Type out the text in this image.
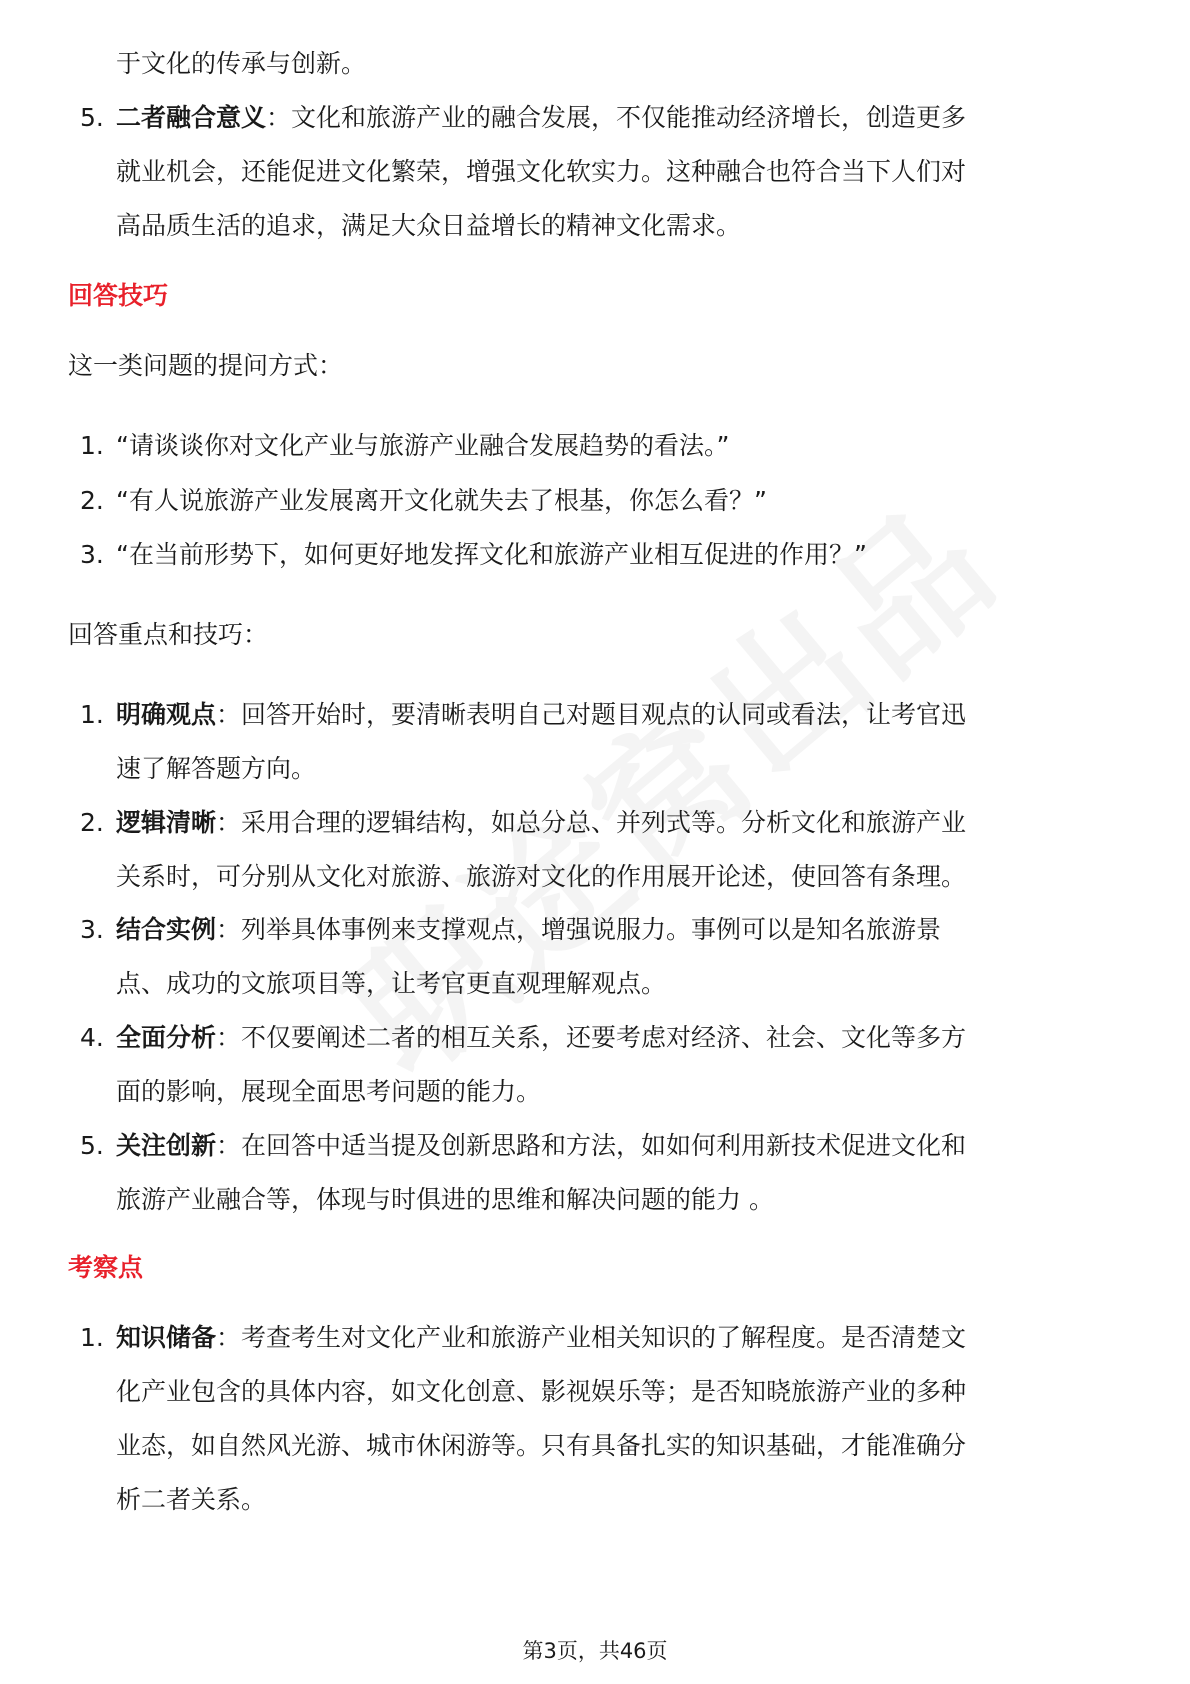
于文化的传承与创新。
5. 二者融合意义：文化和旅游产业的融合发展，不仅能推动经济增长，创造更多
就业机会，还能促进文化繁荣，增强文化软实力。这种融合也符合当下人们对
高品质生活的追求，满足大众日益增长的精神文化需求。
回答技巧
这一类问题的提问方式：
1. “请谈谈你对文化产业与旅游产业融合发展趋势的看法。”
2. “有人说旅游产业发展离开文化就失去了根基，你怎么看？”
3. “在当前形势下，如何更好地发挥文化和旅游产业相互促进的作用？”
回答重点和技巧：
1. 明确观点：回答开始时，要清晰表明自己对题目观点的认同或看法，让考官迅
速了解答题方向。
2. 逻辑清晰：采用合理的逻辑结构，如总分总、并列式等。分析文化和旅游产业
关系时，可分别从文化对旅游、旅游对文化的作用展开论述，使回答有条理。
3. 结合实例：列举具体事例来支撑观点，增强说服力。事例可以是知名旅游景
点、成功的文旅项目等，让考官更直观理解观点。
4. 全面分析：不仅要阐述二者的相互关系，还要考虑对经济、社会、文化等多方
面的影响，展现全面思考问题的能力。
5. 关注创新：在回答中适当提及创新思路和方法，如如何利用新技术促进文化和
旅游产业融合等，体现与时俱进的思维和解决问题的能力 。
考察点
1. 知识储备：考查考生对文化产业和旅游产业相关知识的了解程度。是否清楚文
化产业包含的具体内容，如文化创意、影视娱乐等；是否知晓旅游产业的多种
业态，如自然风光游、城市休闲游等。只有具备扎实的知识基础，才能准确分
析二者关系。
第3页，共46页
